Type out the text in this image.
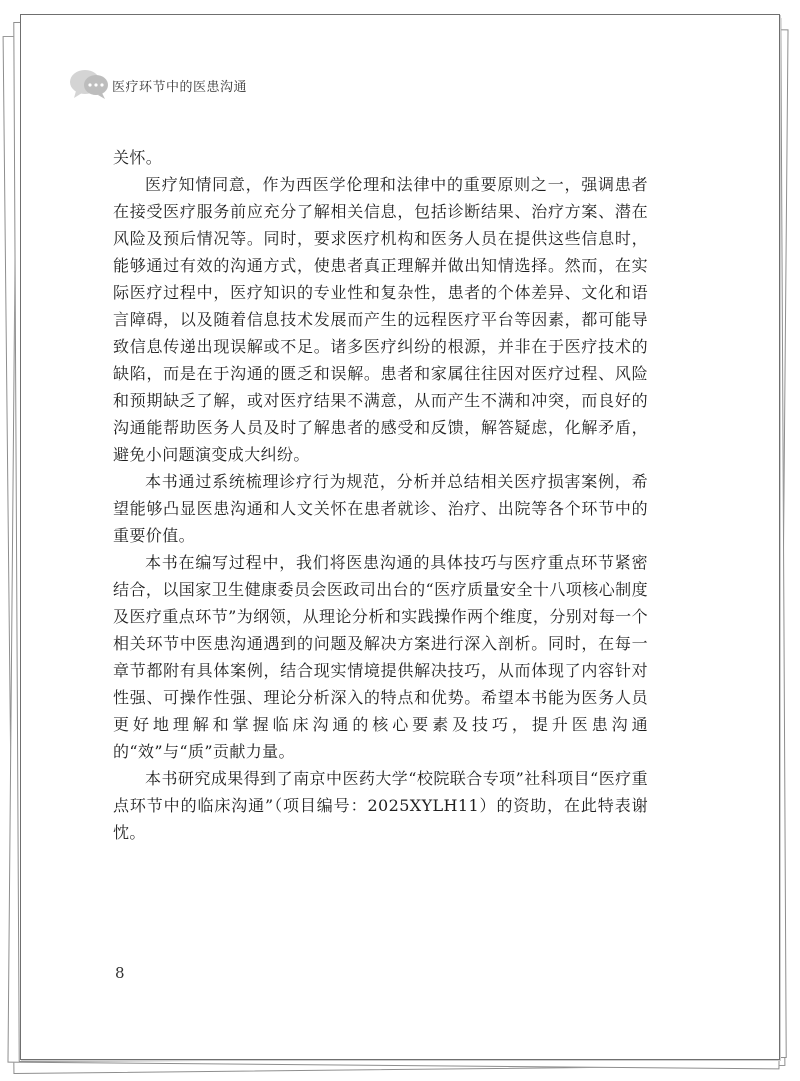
医疗环节中的医患沟通

关怀。

医疗知情同意，作为西医学伦理和法律中的重要原则之一，强调患者在接受医疗服务前应充分了解相关信息，包括诊断结果、治疗方案、潜在风险及预后情况等。同时，要求医疗机构和医务人员在提供这些信息时，能够通过有效的沟通方式，使患者真正理解并做出知情选择。然而，在实际医疗过程中，医疗知识的专业性和复杂性，患者的个体差异、文化和语言障碍，以及随着信息技术发展而产生的远程医疗平台等因素，都可能导致信息传递出现误解或不足。诸多医疗纠纷的根源，并非在于医疗技术的缺陷，而是在于沟通的匮乏和误解。患者和家属往往因对医疗过程、风险和预期缺乏了解，或对医疗结果不满意，从而产生不满和冲突，而良好的沟通能帮助医务人员及时了解患者的感受和反馈，解答疑虑，化解矛盾，避免小问题演变成大纠纷。

本书通过系统梳理诊疗行为规范，分析并总结相关医疗损害案例，希望能够凸显医患沟通和人文关怀在患者就诊、治疗、出院等各个环节中的重要价值。

本书在编写过程中，我们将医患沟通的具体技巧与医疗重点环节紧密结合，以国家卫生健康委员会医政司出台的“医疗质量安全十八项核心制度及医疗重点环节”为纲领，从理论分析和实践操作两个维度，分别对每一个相关环节中医患沟通遇到的问题及解决方案进行深入剖析。同时，在每一章节都附有具体案例，结合现实情境提供解决技巧，从而体现了内容针对性强、可操作性强、理论分析深入的特点和优势。希望本书能为医务人员更好地理解和掌握临床沟通的核心要素及技巧，提升医患沟通的“效”与“质”贡献力量。

本书研究成果得到了南京中医药大学“校院联合专项”社科项目“医疗重点环节中的临床沟通”（项目编号：2025XYLH11）的资助，在此特表谢忱。

8
